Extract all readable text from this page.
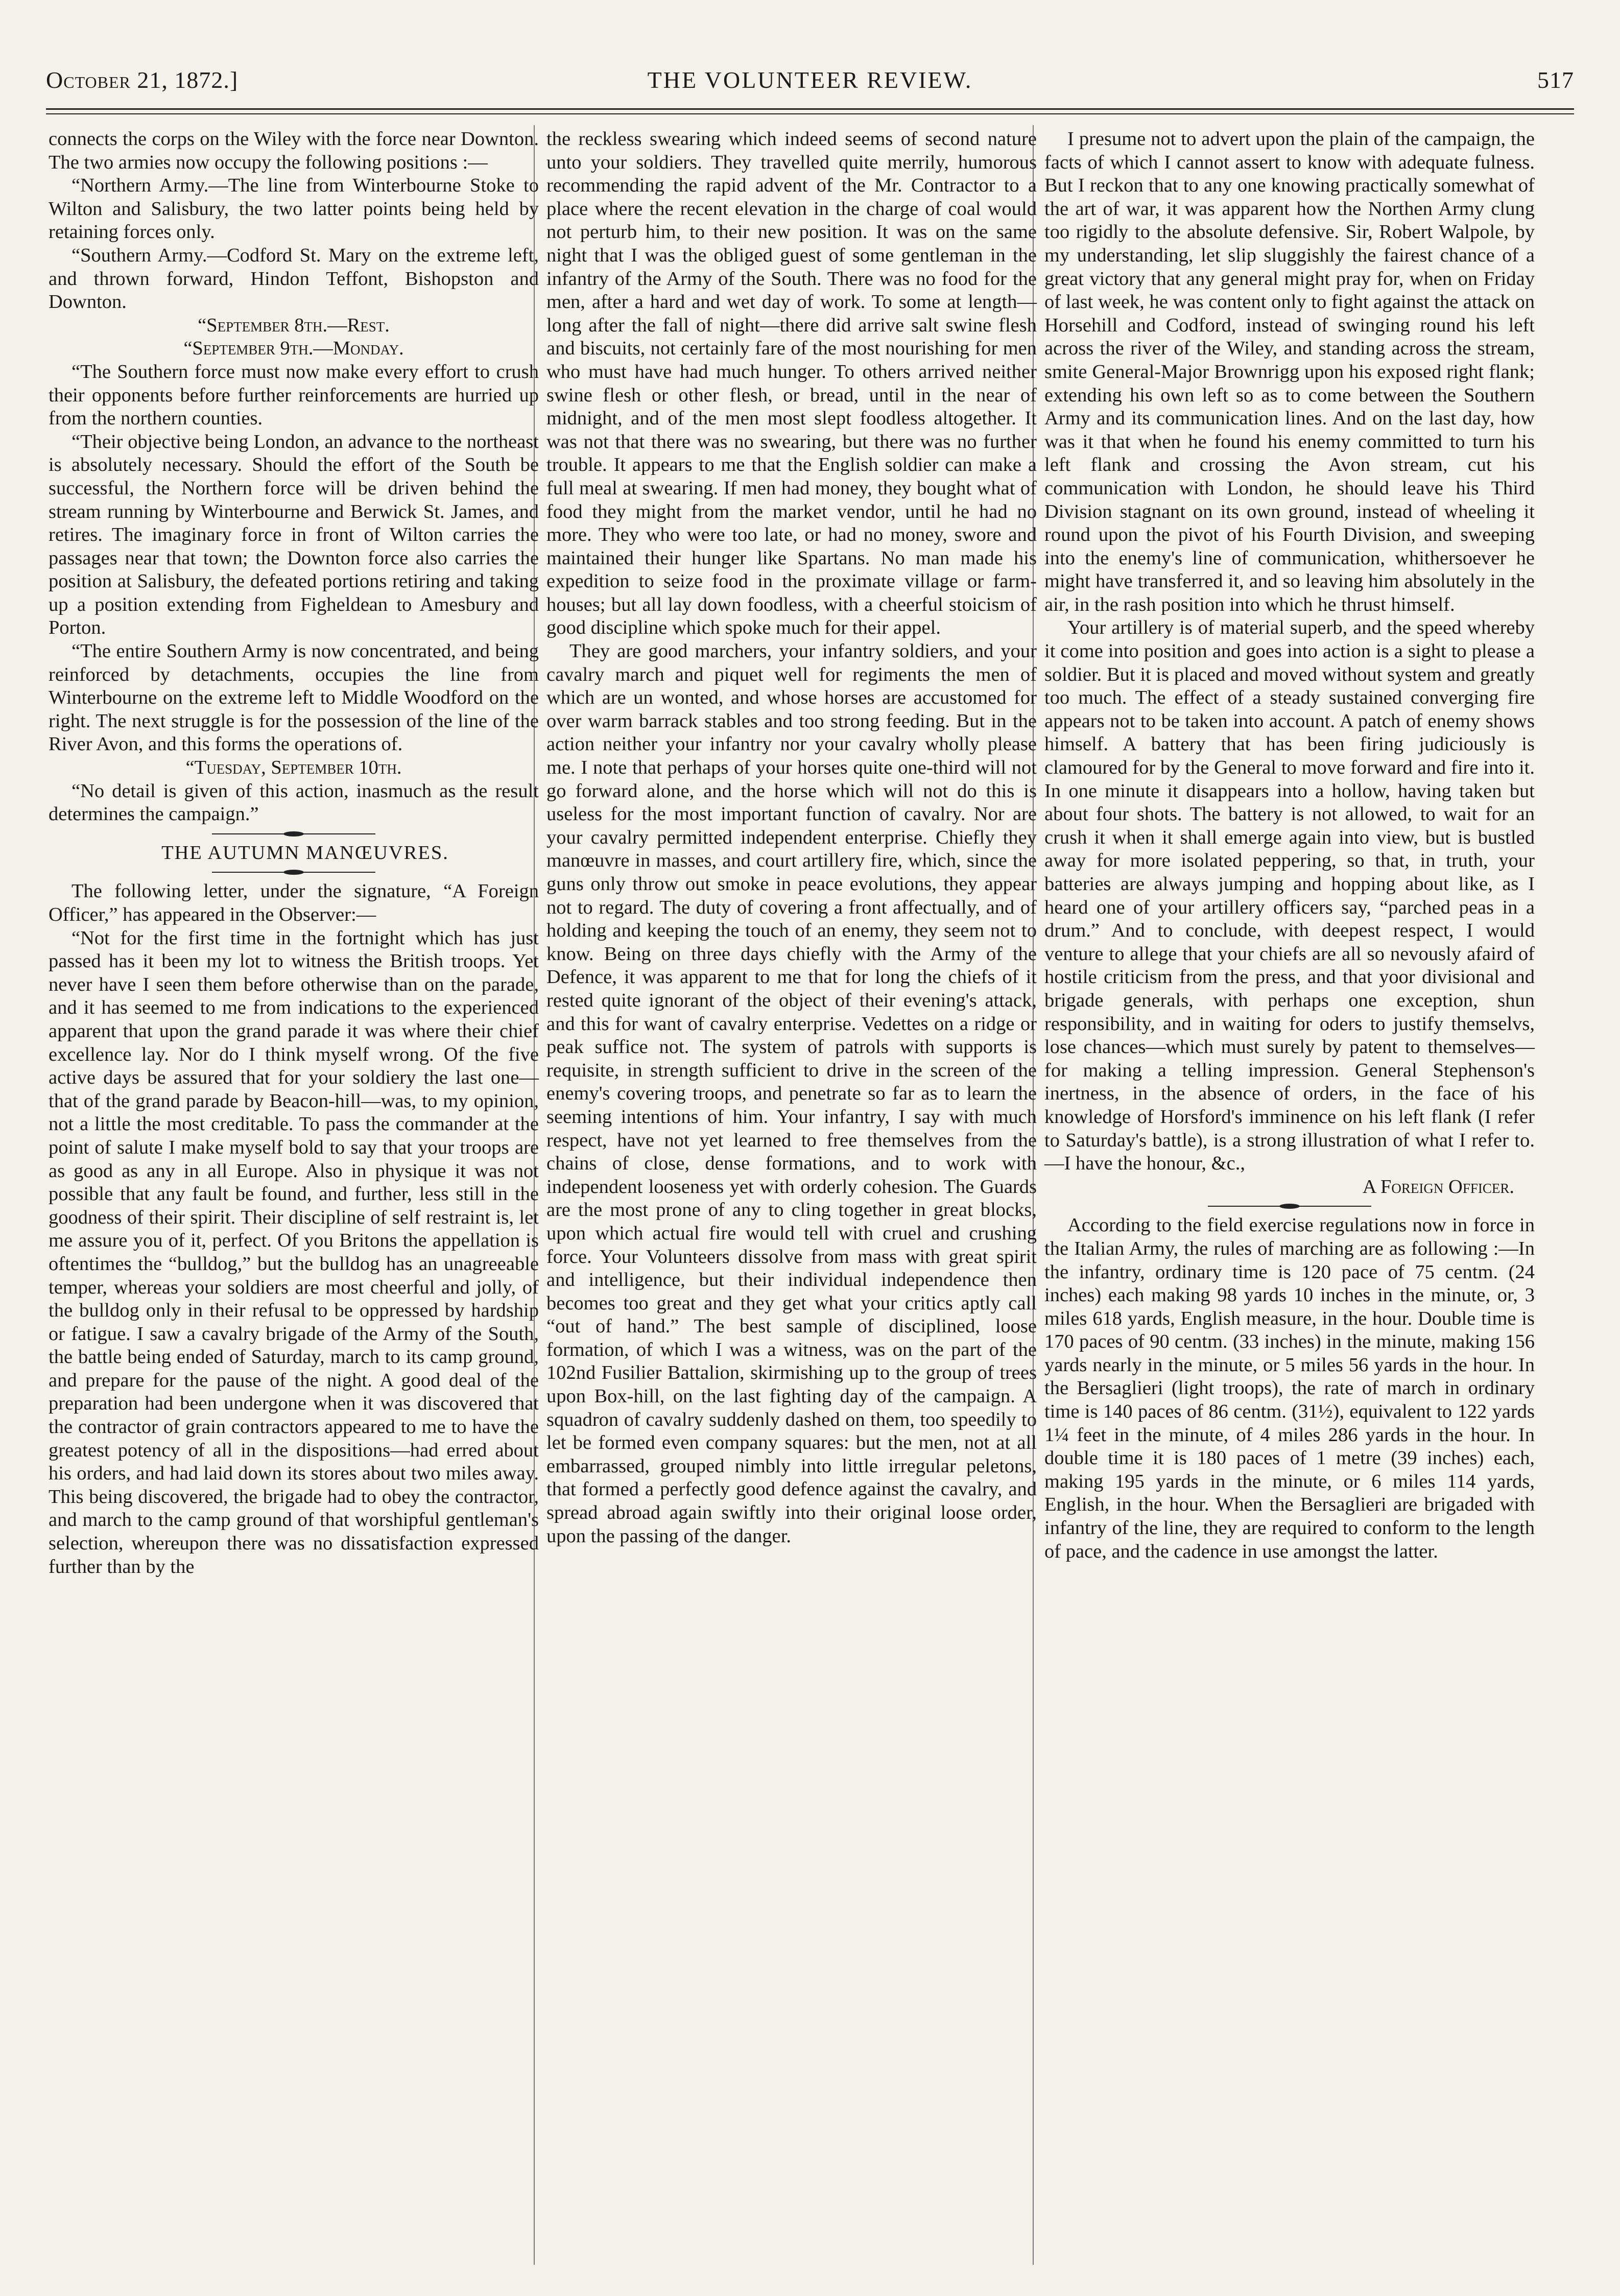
October 21, 1872.]	THE VOLUNTEER REVIEW.	517

connects the corps on the Wiley with the force near Downton. The two armies now occupy the following positions :—

“Northern Army.—The line from Winterbourne Stoke to Wilton and Salisbury, the two latter points being held by retaining forces only.

“Southern Army.—Codford St. Mary on the extreme left, and thrown forward, Hindon Teffont, Bishopston and Downton.

“September 8th.—Rest.

“September 9th.—Monday.

“The Southern force must now make every effort to crush their opponents before further reinforcements are hurried up from the northern counties.

“Their objective being London, an advance to the northeast is absolutely necessary. Should the effort of the South be successful, the Northern force will be driven behind the stream running by Winterbourne and Berwick St. James, and retires. The imaginary force in front of Wilton carries the passages near that town; the Downton force also carries the position at Salisbury, the defeated portions retiring and taking up a position extending from Figheldean to Amesbury and Porton.

“The entire Southern Army is now concentrated, and being reinforced by detachments, occupies the line from Winterbourne on the extreme left to Middle Woodford on the right. The next struggle is for the possession of the line of the River Avon, and this forms the operations of.

“Tuesday, September 10th.

“No detail is given of this action, inasmuch as the result determines the campaign.”

THE AUTUMN MANŒUVRES.

The following letter, under the signature, “A Foreign Officer,” has appeared in the Observer:—

“Not for the first time in the fortnight which has just passed has it been my lot to witness the British troops. Yet never have I seen them before otherwise than on the parade, and it has seemed to me from indications to the experienced apparent that upon the grand parade it was where their chief excellence lay. Nor do I think myself wrong. Of the five active days be assured that for your soldiery the last one—that of the grand parade by Beacon-hill—was, to my opinion, not a little the most creditable. To pass the commander at the point of salute I make myself bold to say that your troops are as good as any in all Europe. Also in physique it was not possible that any fault be found, and further, less still in the goodness of their spirit. Their discipline of self restraint is, let me assure you of it, perfect. Of you Britons the appellation is oftentimes the “bulldog,” but the bulldog has an unagreeable temper, whereas your soldiers are most cheerful and jolly, of the bulldog only in their refusal to be oppressed by hardship or fatigue. I saw a cavalry brigade of the Army of the South, the battle being ended of Saturday, march to its camp ground, and prepare for the pause of the night. A good deal of the preparation had been undergone when it was discovered that the contractor of grain contractors appeared to me to have the greatest potency of all in the dispositions—had erred about his orders, and had laid down its stores about two miles away. This being discovered, the brigade had to obey the contractor, and march to the camp ground of that worshipful gentleman's selection, whereupon there was no dissatisfaction expressed further than by the

the reckless swearing which indeed seems of second nature unto your soldiers. They travelled quite merrily, humorous recommending the rapid advent of the Mr. Contractor to a place where the recent elevation in the charge of coal would not perturb him, to their new position. It was on the same night that I was the obliged guest of some gentleman in the infantry of the Army of the South. There was no food for the men, after a hard and wet day of work. To some at length—long after the fall of night—there did arrive salt swine flesh and biscuits, not certainly fare of the most nourishing for men who must have had much hunger. To others arrived neither swine flesh or other flesh, or bread, until in the near of midnight, and of the men most slept foodless altogether. It was not that there was no swearing, but there was no further trouble. It appears to me that the English soldier can make a full meal at swearing. If men had money, they bought what of food they might from the market vendor, until he had no more. They who were too late, or had no money, swore and maintained their hunger like Spartans. No man made his expedition to seize food in the proximate village or farm-houses; but all lay down foodless, with a cheerful stoicism of good discipline which spoke much for their appel.

They are good marchers, your infantry soldiers, and your cavalry march and piquet well for regiments the men of which are un wonted, and whose horses are accustomed for over warm barrack stables and too strong feeding. But in the action neither your infantry nor your cavalry wholly please me. I note that perhaps of your horses quite one-third will not go forward alone, and the horse which will not do this is useless for the most important function of cavalry. Nor are your cavalry permitted independent enterprise. Chiefly they manœuvre in masses, and court artillery fire, which, since the guns only throw out smoke in peace evolutions, they appear not to regard. The duty of covering a front affectually, and of holding and keeping the touch of an enemy, they seem not to know. Being on three days chiefly with the Army of the Defence, it was apparent to me that for long the chiefs of it rested quite ignorant of the object of their evening's attack, and this for want of cavalry enterprise. Vedettes on a ridge or peak suffice not. The system of patrols with supports is requisite, in strength sufficient to drive in the screen of the enemy's covering troops, and penetrate so far as to learn the seeming intentions of him. Your infantry, I say with much respect, have not yet learned to free themselves from the chains of close, dense formations, and to work with independent looseness yet with orderly cohesion. The Guards are the most prone of any to cling together in great blocks, upon which actual fire would tell with cruel and crushing force. Your Volunteers dissolve from mass with great spirit and intelligence, but their individual independence then becomes too great and they get what your critics aptly call “out of hand.” The best sample of disciplined, loose formation, of which I was a witness, was on the part of the 102nd Fusilier Battalion, skirmishing up to the group of trees upon Box-hill, on the last fighting day of the campaign. A squadron of cavalry suddenly dashed on them, too speedily to let be formed even company squares: but the men, not at all embarrassed, grouped nimbly into little irregular peletons, that formed a perfectly good defence against the cavalry, and spread abroad again swiftly into their original loose order, upon the passing of the danger.

I presume not to advert upon the plain of the campaign, the facts of which I cannot assert to know with adequate fulness. But I reckon that to any one knowing practically somewhat of the art of war, it was apparent how the Northen Army clung too rigidly to the absolute defensive. Sir, Robert Walpole, by my understanding, let slip sluggishly the fairest chance of a great victory that any general might pray for, when on Friday of last week, he was content only to fight against the attack on Horsehill and Codford, instead of swinging round his left across the river of the Wiley, and standing across the stream, smite General-Major Brownrigg upon his exposed right flank; extending his own left so as to come between the Southern Army and its communication lines. And on the last day, how was it that when he found his enemy committed to turn his left flank and crossing the Avon stream, cut his communication with London, he should leave his Third Division stagnant on its own ground, instead of wheeling it round upon the pivot of his Fourth Division, and sweeping into the enemy's line of communication, whithersoever he might have transferred it, and so leaving him absolutely in the air, in the rash position into which he thrust himself.

Your artillery is of material superb, and the speed whereby it come into position and goes into action is a sight to please a soldier. But it is placed and moved without system and greatly too much. The effect of a steady sustained converging fire appears not to be taken into account. A patch of enemy shows himself. A battery that has been firing judiciously is clamoured for by the General to move forward and fire into it. In one minute it disappears into a hollow, having taken but about four shots. The battery is not allowed, to wait for an crush it when it shall emerge again into view, but is bustled away for more isolated peppering, so that, in truth, your batteries are always jumping and hopping about like, as I heard one of your artillery officers say, “parched peas in a drum.” And to conclude, with deepest respect, I would venture to allege that your chiefs are all so nevously afaird of hostile criticism from the press, and that yoor divisional and brigade generals, with perhaps one exception, shun responsibility, and in waiting for oders to justify themselvs, lose chances—which must surely by patent to themselves—for making a telling impression. General Stephenson's inertness, in the absence of orders, in the face of his knowledge of Horsford's imminence on his left flank (I refer to Saturday's battle), is a strong illustration of what I refer to.—I have the honour, &c.,

A Foreign Officer.

According to the field exercise regulations now in force in the Italian Army, the rules of marching are as following :—In the infantry, ordinary time is 120 pace of 75 centm. (24 inches) each making 98 yards 10 inches in the minute, or, 3 miles 618 yards, English measure, in the hour. Double time is 170 paces of 90 centm. (33 inches) in the minute, making 156 yards nearly in the minute, or 5 miles 56 yards in the hour. In the Bersaglieri (light troops), the rate of march in ordinary time is 140 paces of 86 centm. (31½), equivalent to 122 yards 1¼ feet in the minute, of 4 miles 286 yards in the hour. In double time it is 180 paces of 1 metre (39 inches) each, making 195 yards in the minute, or 6 miles 114 yards, English, in the hour. When the Bersaglieri are brigaded with infantry of the line, they are required to conform to the length of pace, and the cadence in use amongst the latter.
